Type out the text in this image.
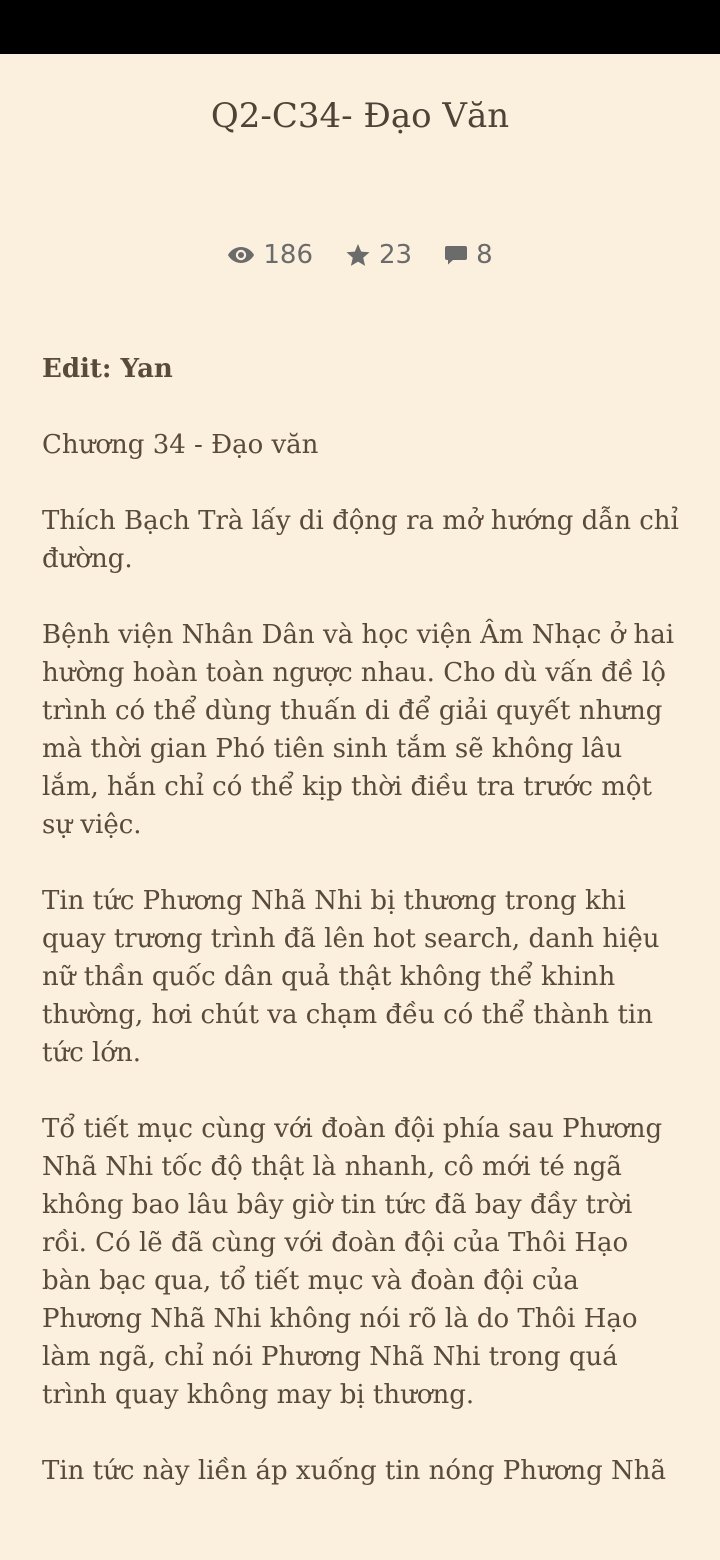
Q2-C34- Đạo Văn
186	23 8

Edit: Yan

Chương 34 - Đạo văn

Thích Bạch Trà lấy di động ra mở hướng dẫn chỉ đường.

Bệnh viện Nhân Dân và học viện Âm Nhạc ở hai hường hoàn toàn ngược nhau. Cho dù vấn đề lộ trình có thể dùng thuấn di để giải quyết nhưng mà thời gian Phó tiên sinh tắm sẽ không lâu lắm, hắn chỉ có thể kịp thời điều tra trước một sự việc.

Tin tức Phương Nhã Nhi bị thương trong khi quay trương trình đã lên hot search, danh hiệu nữ thần quốc dân quả thật không thể khinh thường, hơi chút va chạm đều có thể thành tin tức lớn.

Tổ tiết mục cùng với đoàn đội phía sau Phương Nhã Nhi tốc độ thật là nhanh, cô mới té ngã không bao lâu bây giờ tin tức đã bay đầy trời rồi. Có lẽ đã cùng với đoàn đội của Thôi Hạo bàn bạc qua, tổ tiết mục và đoàn đội của Phương Nhã Nhi không nói rõ là do Thôi Hạo làm ngã, chỉ nói Phương Nhã Nhi trong quá trình quay không may bị thương.

Tin tức này liền áp xuống tin nóng Phương Nhã
